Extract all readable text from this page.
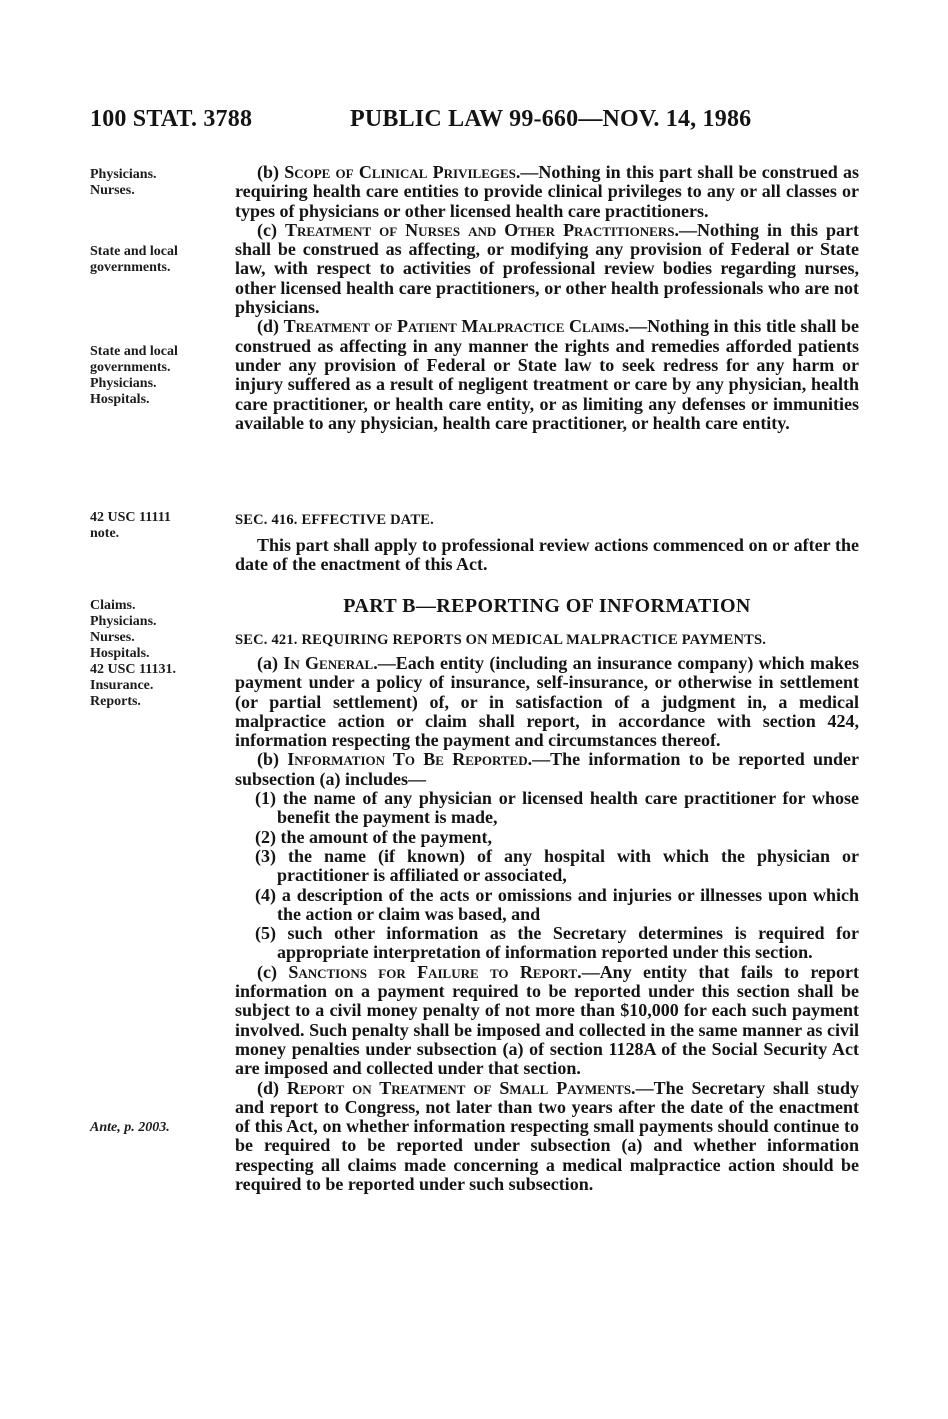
100 STAT. 3788	PUBLIC LAW 99-660—NOV. 14, 1986
Physicians.
Nurses.
State and local
governments.
State and local
governments.
Physicians.
Hospitals.
42 USC 11111
note.
Claims.
Physicians.
Nurses.
Hospitals.
42 USC 11131.
Insurance.
Reports.
Ante, p. 2003.

(b) Scope of Clinical Privileges.—Nothing in this part shall be construed as requiring health care entities to provide clinical privileges to any or all classes or types of physicians or other licensed health care practitioners.

(c) Treatment of Nurses and Other Practitioners.—Nothing in this part shall be construed as affecting, or modifying any provision of Federal or State law, with respect to activities of professional review bodies regarding nurses, other licensed health care practitioners, or other health professionals who are not physicians.

(d) Treatment of Patient Malpractice Claims.—Nothing in this title shall be construed as affecting in any manner the rights and remedies afforded patients under any provision of Federal or State law to seek redress for any harm or injury suffered as a result of negligent treatment or care by any physician, health care practitioner, or health care entity, or as limiting any defenses or immunities available to any physician, health care practitioner, or health care entity.

SEC. 416. EFFECTIVE DATE.

This part shall apply to professional review actions commenced on or after the date of the enactment of this Act.

PART B—REPORTING OF INFORMATION
SEC. 421. REQUIRING REPORTS ON MEDICAL MALPRACTICE PAYMENTS.

(a) In General.—Each entity (including an insurance company) which makes payment under a policy of insurance, self-insurance, or otherwise in settlement (or partial settlement) of, or in satisfaction of a judgment in, a medical malpractice action or claim shall report, in accordance with section 424, information respecting the payment and circumstances thereof.

(b) Information To Be Reported.—The information to be reported under subsection (a) includes—

(1) the name of any physician or licensed health care practitioner for whose benefit the payment is made,

(2) the amount of the payment,

(3) the name (if known) of any hospital with which the physician or practitioner is affiliated or associated,

(4) a description of the acts or omissions and injuries or illnesses upon which the action or claim was based, and

(5) such other information as the Secretary determines is required for appropriate interpretation of information reported under this section.

(c) Sanctions for Failure to Report.—Any entity that fails to report information on a payment required to be reported under this section shall be subject to a civil money penalty of not more than $10,000 for each such payment involved. Such penalty shall be imposed and collected in the same manner as civil money penalties under subsection (a) of section 1128A of the Social Security Act are imposed and collected under that section.

(d) Report on Treatment of Small Payments.—The Secretary shall study and report to Congress, not later than two years after the date of the enactment of this Act, on whether information respecting small payments should continue to be required to be reported under subsection (a) and whether information respecting all claims made concerning a medical malpractice action should be required to be reported under such subsection.
